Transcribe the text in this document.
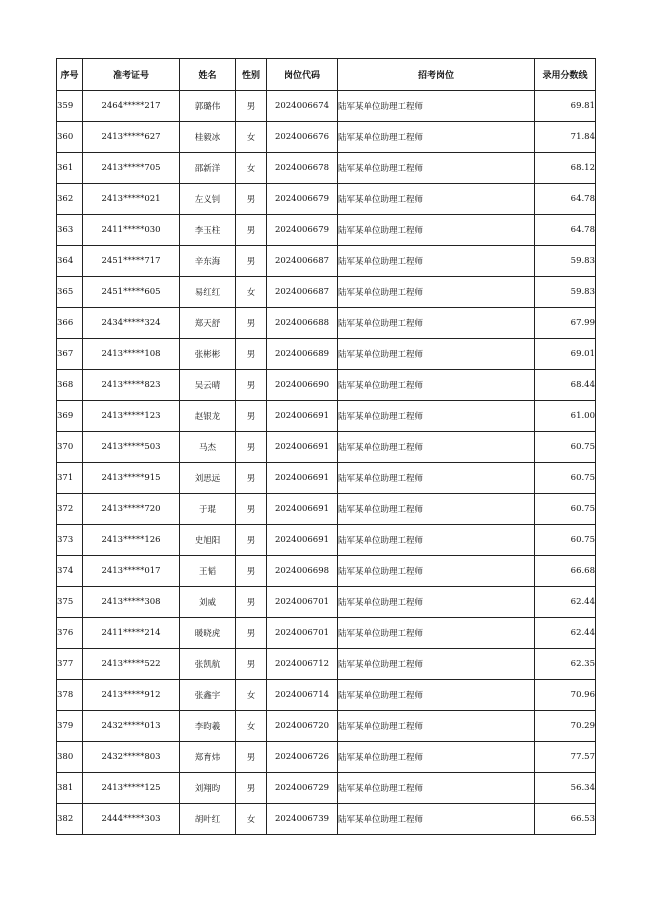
序号	准考证号	姓名	性别	岗位代码	招考岗位	录用分数线
359	2464*****217	郭璐伟	男	2024006674	陆军某单位助理工程师	69.81
360	2413*****627	桂毅冰	女	2024006676	陆军某单位助理工程师	71.84
361	2413*****705	邵新洋	女	2024006678	陆军某单位助理工程师	68.12
362	2413*****021	左义钊	男	2024006679	陆军某单位助理工程师	64.78
363	2411*****030	李玉柱	男	2024006679	陆军某单位助理工程师	64.78
364	2451*****717	辛东海	男	2024006687	陆军某单位助理工程师	59.83
365	2451*****605	易红红	女	2024006687	陆军某单位助理工程师	59.83
366	2434*****324	郑天舒	男	2024006688	陆军某单位助理工程师	67.99
367	2413*****108	张彬彬	男	2024006689	陆军某单位助理工程师	69.01
368	2413*****823	吴云晴	男	2024006690	陆军某单位助理工程师	68.44
369	2413*****123	赵银龙	男	2024006691	陆军某单位助理工程师	61.00
370	2413*****503	马杰	男	2024006691	陆军某单位助理工程师	60.75
371	2413*****915	刘思远	男	2024006691	陆军某单位助理工程师	60.75
372	2413*****720	于琨	男	2024006691	陆军某单位助理工程师	60.75
373	2413*****126	史旭阳	男	2024006691	陆军某单位助理工程师	60.75
374	2413*****017	王韬	男	2024006698	陆军某单位助理工程师	66.68
375	2413*****308	刘威	男	2024006701	陆军某单位助理工程师	62.44
376	2411*****214	暖晓虎	男	2024006701	陆军某单位助理工程师	62.44
377	2413*****522	张凯航	男	2024006712	陆军某单位助理工程师	62.35
378	2413*****912	张鑫宇	女	2024006714	陆军某单位助理工程师	70.96
379	2432*****013	李昀羲	女	2024006720	陆军某单位助理工程师	70.29
380	2432*****803	郑育炜	男	2024006726	陆军某单位助理工程师	77.57
381	2413*****125	刘翔昀	男	2024006729	陆军某单位助理工程师	56.34
382	2444*****303	胡叶红	女	2024006739	陆军某单位助理工程师	66.53
